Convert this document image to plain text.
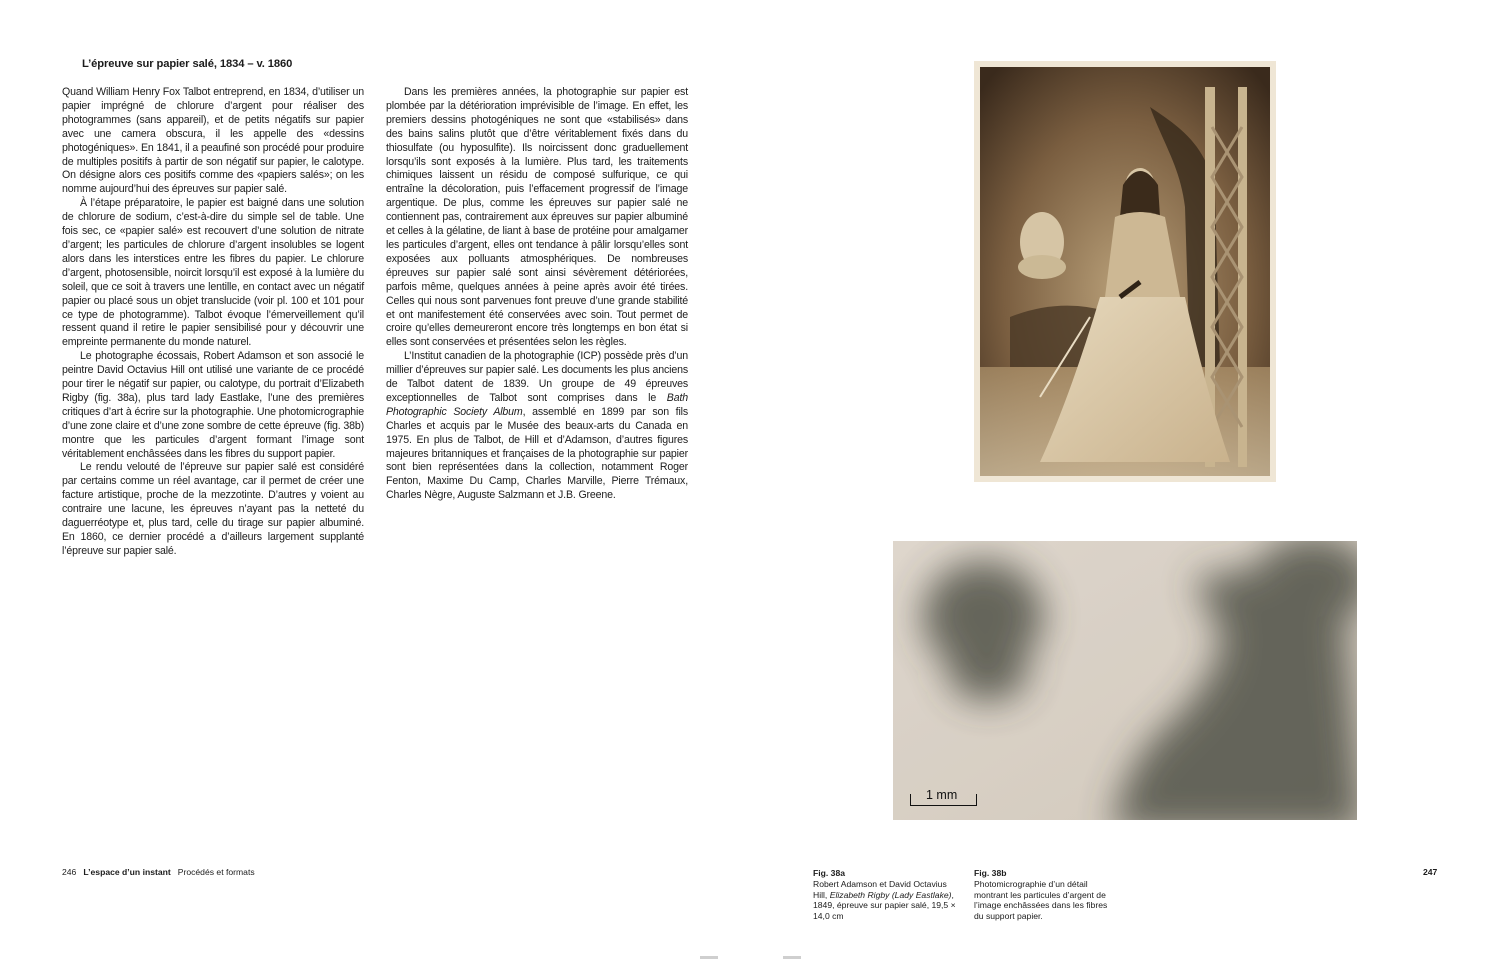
L’épreuve sur papier salé, 1834 – v. 1860

Quand William Henry Fox Talbot entreprend, en 1834, d’utiliser un papier imprégné de chlorure d’argent pour réaliser des photogrammes (sans appareil), et de petits négatifs sur papier avec une camera obscura, il les appelle des «dessins photogéniques». En 1841, il a peaufiné son procédé pour produire de multiples positifs à partir de son négatif sur papier, le calotype. On désigne alors ces positifs comme des «papiers salés»; on les nomme aujourd’hui des épreuves sur papier salé.

À l’étape préparatoire, le papier est baigné dans une solution de chlorure de sodium, c’est-à-dire du simple sel de table. Une fois sec, ce «papier salé» est recouvert d’une solution de nitrate d’argent; les particules de chlorure d’argent insolubles se logent alors dans les interstices entre les fibres du papier. Le chlorure d’argent, photosensible, noircit lorsqu’il est exposé à la lumière du soleil, que ce soit à travers une lentille, en contact avec un négatif papier ou placé sous un objet translucide (voir pl. 100 et 101 pour ce type de photogramme). Talbot évoque l’émerveillement qu’il ressent quand il retire le papier sensibilisé pour y découvrir une empreinte permanente du monde naturel.

Le photographe écossais, Robert Adamson et son associé le peintre David Octavius Hill ont utilisé une variante de ce procédé pour tirer le négatif sur papier, ou calotype, du portrait d’Elizabeth Rigby (fig. 38a), plus tard lady Eastlake, l’une des premières critiques d’art à écrire sur la photographie. Une photomicrographie d’une zone claire et d’une zone sombre de cette épreuve (fig. 38b) montre que les particules d’argent formant l’image sont véritablement enchâssées dans les fibres du support papier.

Le rendu velouté de l’épreuve sur papier salé est considéré par certains comme un réel avantage, car il permet de créer une facture artistique, proche de la mezzotinte. D’autres y voient au contraire une lacune, les épreuves n’ayant pas la netteté du daguerréotype et, plus tard, celle du tirage sur papier albuminé. En 1860, ce dernier procédé a d’ailleurs largement supplanté l’épreuve sur papier salé.

Dans les premières années, la photographie sur papier est plombée par la détérioration imprévisible de l’image. En effet, les premiers dessins photogéniques ne sont que «stabilisés» dans des bains salins plutôt que d’être véritablement fixés dans du thiosulfate (ou hyposulfite). Ils noircissent donc graduellement lorsqu’ils sont exposés à la lumière. Plus tard, les traitements chimiques laissent un résidu de composé sulfurique, ce qui entraîne la décoloration, puis l’effacement progressif de l’image argentique. De plus, comme les épreuves sur papier salé ne contiennent pas, contrairement aux épreuves sur papier albuminé et celles à la gélatine, de liant à base de protéine pour amalgamer les particules d’argent, elles ont tendance à pâlir lorsqu’elles sont exposées aux polluants atmosphériques. De nombreuses épreuves sur papier salé sont ainsi sévèrement détériorées, parfois même, quelques années à peine après avoir été tirées. Celles qui nous sont parvenues font preuve d’une grande stabilité et ont manifestement été conservées avec soin. Tout permet de croire qu’elles demeureront encore très longtemps en bon état si elles sont conservées et présentées selon les règles.

L’Institut canadien de la photographie (ICP) possède près d’un millier d’épreuves sur papier salé. Les documents les plus anciens de Talbot datent de 1839. Un groupe de 49 épreuves exceptionnelles de Talbot sont comprises dans le Bath Photographic Society Album, assemblé en 1899 par son fils Charles et acquis par le Musée des beaux-arts du Canada en 1975. En plus de Talbot, de Hill et d’Adamson, d’autres figures majeures britanniques et françaises de la photographie sur papier sont bien représentées dans la collection, notamment Roger Fenton, Maxime Du Camp, Charles Marville, Pierre Trémaux, Charles Nègre, Auguste Salzmann et J.B. Greene.

1 mm
246 L’espace d’un instant Procédés et formats	Fig. 38a
Robert Adamson et David Octavius Hill, Elizabeth Rigby (Lady Eastlake), 1849, épreuve sur papier salé, 19,5 × 14,0 cm
Fig. 38b
Photomicrographie d’un détail montrant les particules d’argent de l’image enchâssées dans les fibres du support papier.
247
